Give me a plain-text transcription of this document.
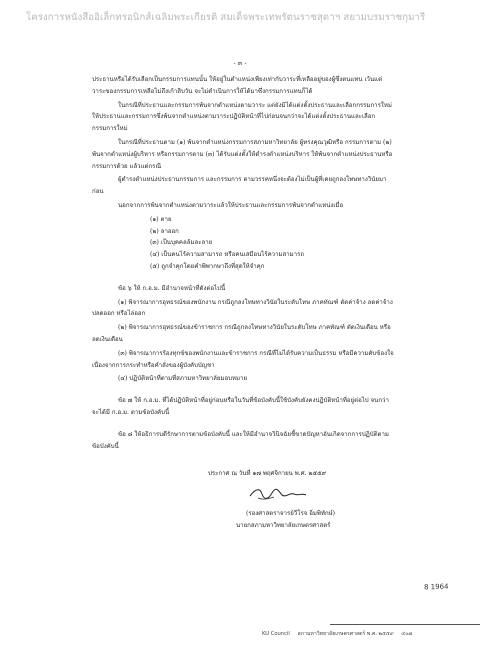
โครงการหนังสืออิเล็กทรอนิกส์เฉลิมพระเกียรติ สมเด็จพระเทพรัตนราชสุดาฯ สยามบรมราชกุมารี
- ๓ -

ประธานหรือได้รับเลือกเป็นกรรมการแทนนั้น ให้อยู่ในตำแหน่งเพียงเท่ากับวาระที่เหลืออยู่ของผู้ซึ่งตนแทน เว้นแต่วาระของกรรมการเหลือไม่ถึงเก้าสิบวัน จะไม่ดำเนินการให้ได้มาซึ่งกรรมการแทนก็ได้

ในกรณีที่ประธานและกรรมการพ้นจากตำแหน่งตามวาระ แต่ยังมิได้แต่งตั้งประธานและเลือกกรรมการใหม่ ให้ประธานและกรรมการซึ่งพ้นจากตำแหน่งตามวาระปฏิบัติหน้าที่ไปก่อนจนกว่าจะได้แต่งตั้งประธานและเลือกกรรมการใหม่

ในกรณีที่ประธานตาม (๑) พ้นจากตำแหน่งกรรมการสภามหาวิทยาลัย ผู้ทรงคุณวุฒิหรือ กรรมการตาม (๒) พ้นจากตำแหน่งผู้บริหาร หรือกรรมการตาม (๓) ได้รับแต่งตั้งให้ดำรงตำแหน่งบริหาร ให้พ้นจากตำแหน่งประธานหรือกรรมการด้วย แล้วแต่กรณี

ผู้ดำรงตำแหน่งประธานกรรมการ และกรรมการ ตามวรรคหนึ่งจะต้องไม่เป็นผู้ที่เคยถูกลงโทษทางวินัยมาก่อน

นอกจากการพ้นจากตำแหน่งตามวาระแล้วให้ประธานและกรรมการพ้นจากตำแหน่งเมื่อ

(๑) ตาย
(๒) ลาออก
(๓) เป็นบุคคลล้มละลาย
(๔) เป็นคนไร้ความสามารถ หรือคนเสมือนไร้ความสามารถ
(๕) ถูกจำคุกโดยคำพิพากษาถึงที่สุดให้จำคุก

ข้อ ๖ ให้ ก.อ.ม. มีอำนาจหน้าที่ดังต่อไปนี้

(๑) พิจารณาการอุทธรณ์ของพนักงาน กรณีถูกลงโทษทางวินัยในระดับโทษ ภาคทัณฑ์ ตัดค่าจ้าง ลดค่าจ้าง ปลดออก หรือไล่ออก

(๒) พิจารณาการอุทธรณ์ของข้าราชการ กรณีถูกลงโทษทางวินัยในระดับโทษ ภาคทัณฑ์ ตัดเงินเดือน หรือลดเงินเดือน

(๓) พิจารณาการร้องทุกข์ของพนักงานและข้าราชการ กรณีที่ไม่ได้รับความเป็นธรรม หรือมีความคับข้องใจเนื่องจากการกระทำหรือคำสั่งของผู้บังคับบัญชา

(๔) ปฏิบัติหน้าที่ตามที่สภามหาวิทยาลัยมอบหมาย

ข้อ ๗ ให้ ก.อ.ม. ที่ได้ปฏิบัติหน้าที่อยู่ก่อนหรือในวันที่ข้อบังคับนี้ใช้บังคับยังคงปฏิบัติหน้าที่อยู่ต่อไป จนกว่าจะได้มี ก.อ.ม. ตามข้อบังคับนี้

ข้อ ๘ ให้อธิการบดีรักษาการตามข้อบังคับนี้ และให้มีอำนาจวินิจฉัยชี้ขาดปัญหาอันเกิดจากการปฏิบัติตามข้อบังคับนี้

ประกาศ ณ วันที่ ๑๗ พฤศจิกายน พ.ศ. ๒๕๕๙
(รองศาสตราจารย์วีโรจ อิ่มพิทักษ์)
นายกสภามหาวิทยาลัยเกษตรศาสตร์
8 1964
KU Council สภามหาวิทยาลัยเกษตรศาสตร์ พ.ศ. ๒๕๕๙ ๔๐๗
